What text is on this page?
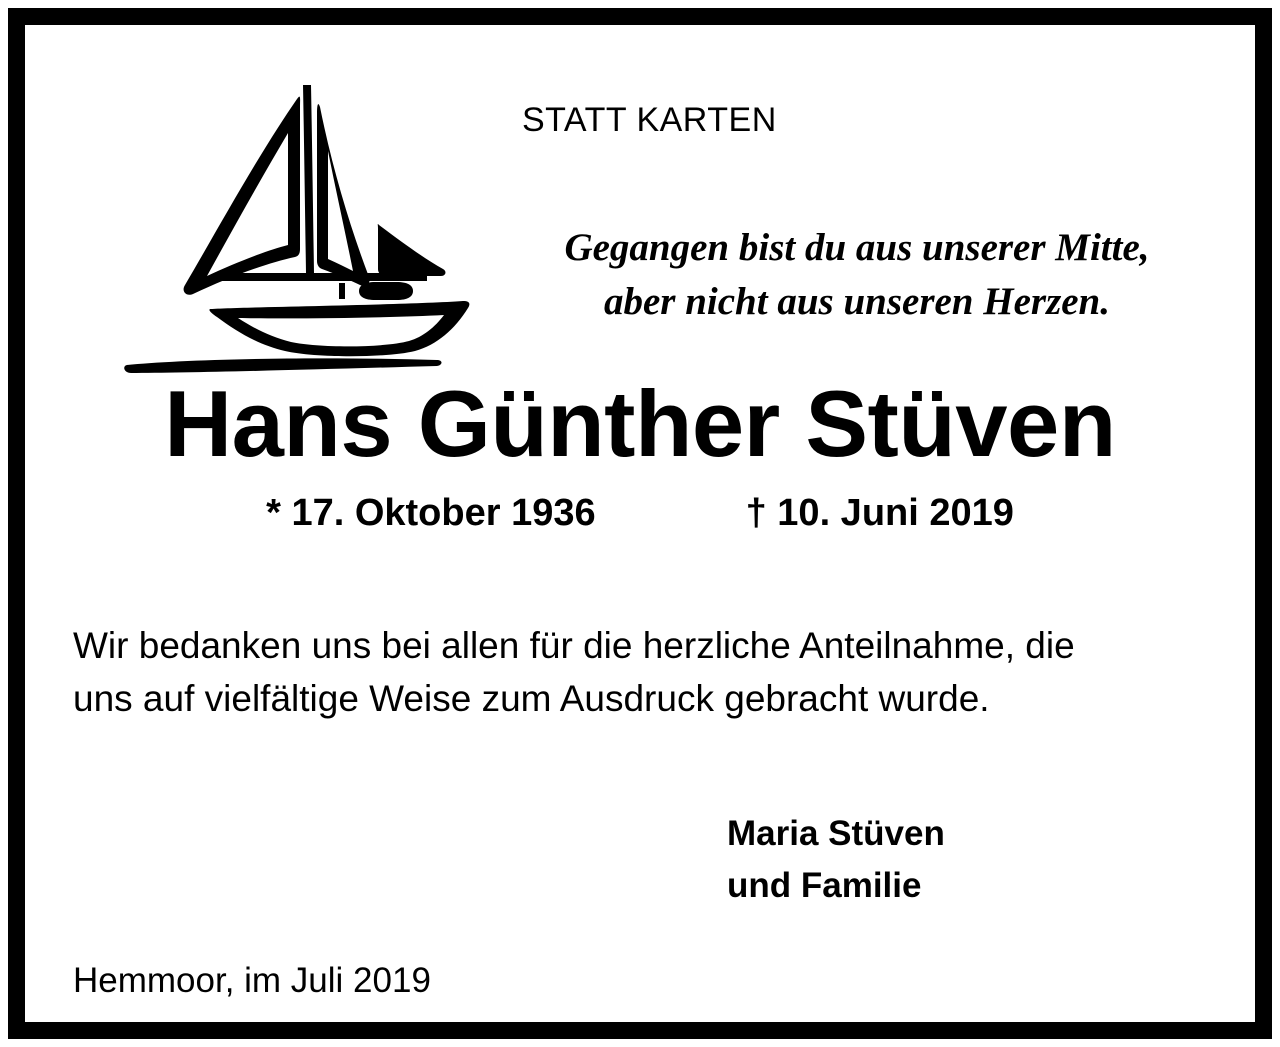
STATT KARTEN
Gegangen bist du aus unserer Mitte,
aber nicht aus unseren Herzen.
Hans Günther Stüven
* 17. Oktober 1936	† 10. Juni 2019
Wir bedanken uns bei allen für die herzliche Anteilnahme, die
uns auf vielfältige Weise zum Ausdruck gebracht wurde.
Maria Stüven
und Familie
Hemmoor, im Juli 2019
